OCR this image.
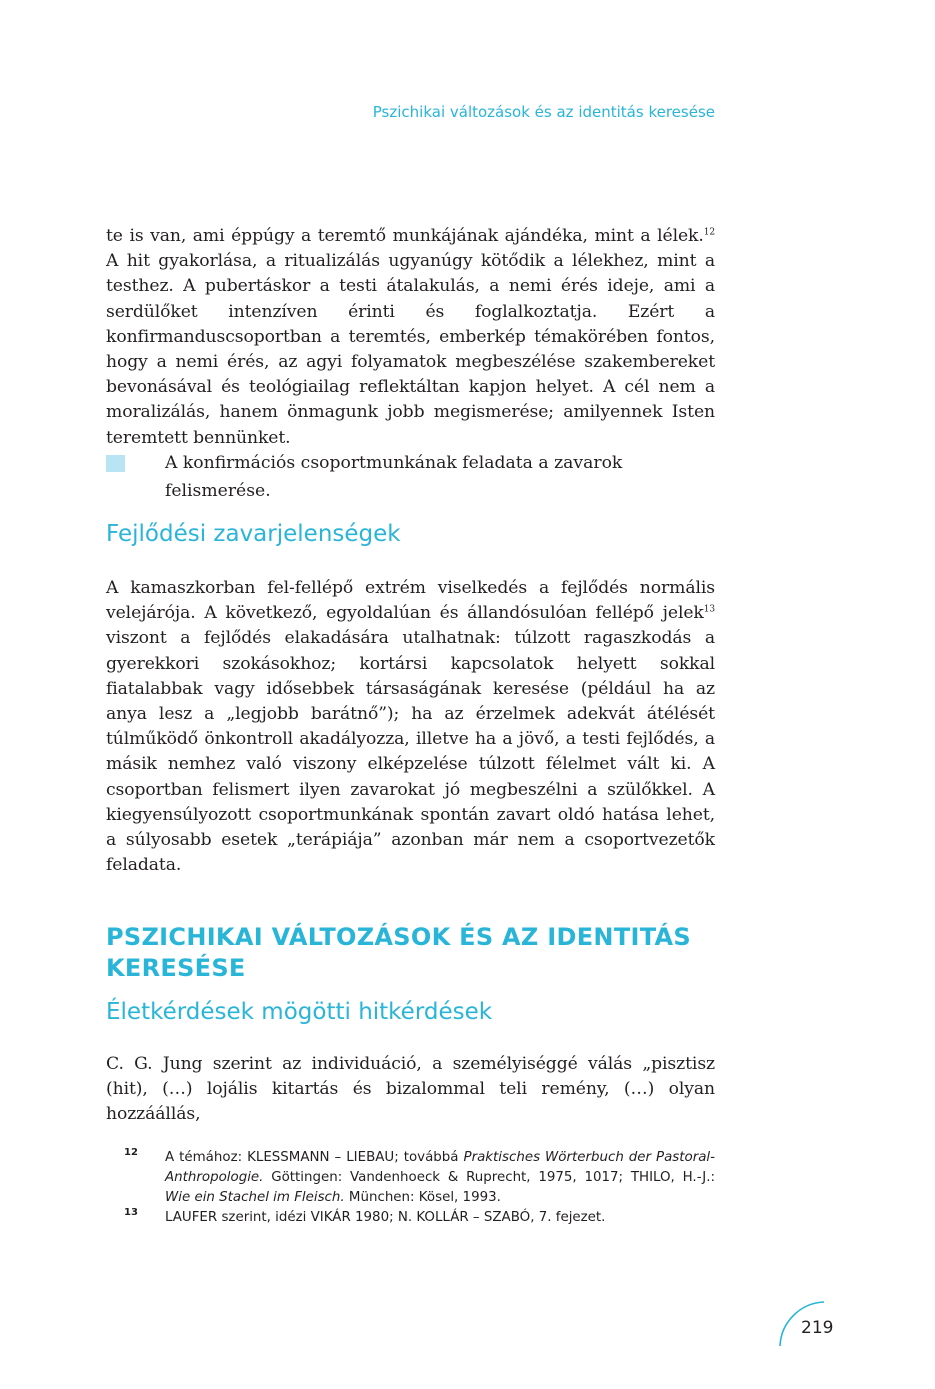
Pszichikai változások és az identitás keresése

te is van, ami éppúgy a teremtő munkájának ajándéka, mint a lélek.$^{12}$ A hit gyakorlása, a ritualizálás ugyanúgy kötődik a lélekhez, mint a testhez. A pubertáskor a testi átalakulás, a nemi érés ideje, ami a serdülőket intenzíven érinti és foglalkoztatja. Ezért a konfirmanduscsoportban a teremtés, emberkép témakörében fontos, hogy a nemi érés, az agyi folyamatok megbeszélése szakembereket bevonásával és teológiailag reflektáltan kapjon helyet. A cél nem a moralizálás, hanem önmagunk jobb megismerése; amilyennek Isten teremtett bennünket.

A konfirmációs csoportmunkának feladata a zavarok felismerése.
Fejlődési zavarjelenségek

A kamaszkorban fel-fellépő extrém viselkedés a fejlődés normális velejárója. A következő, egyoldalúan és állandósulóan fellépő jelek$^{13}$ viszont a fejlődés elakadására utalhatnak: túlzott ragaszkodás a gyerekkori szokásokhoz; kortársi kapcsolatok helyett sokkal fiatalabbak vagy idősebbek társaságának keresése (például ha az anya lesz a „legjobb barátnő”); ha az érzelmek adekvát átélését túlműködő önkontroll akadályozza, illetve ha a jövő, a testi fejlődés, a másik nemhez való viszony elképzelése túlzott félelmet vált ki. A csoportban felismert ilyen zavarokat jó megbeszélni a szülőkkel. A kiegyensúlyozott csoportmunkának spontán zavart oldó hatása lehet, a súlyosabb esetek „terápiája” azonban már nem a csoportvezetők feladata.

PSZICHIKAI VÁLTOZÁSOK ÉS AZ IDENTITÁS KERESÉSE
Életkérdések mögötti hitkérdések

C. G. Jung szerint az individuáció, a személyiséggé válás „pisztisz (hit), (…) lojális kitartás és bizalommal teli remény, (…) olyan hozzáállás,

12 A témához: KLESSMANN – LIEBAU; továbbá Praktisches Wörterbuch der Pastoral-Anthropologie. Göttingen: Vandenhoeck & Ruprecht, 1975, 1017; THILO, H.-J.: Wie ein Stachel im Fleisch. München: Kösel, 1993.
13 LAUFER szerint, idézi VIKÁR 1980; N. KOLLÁR – SZABÓ, 7. fejezet.
219
